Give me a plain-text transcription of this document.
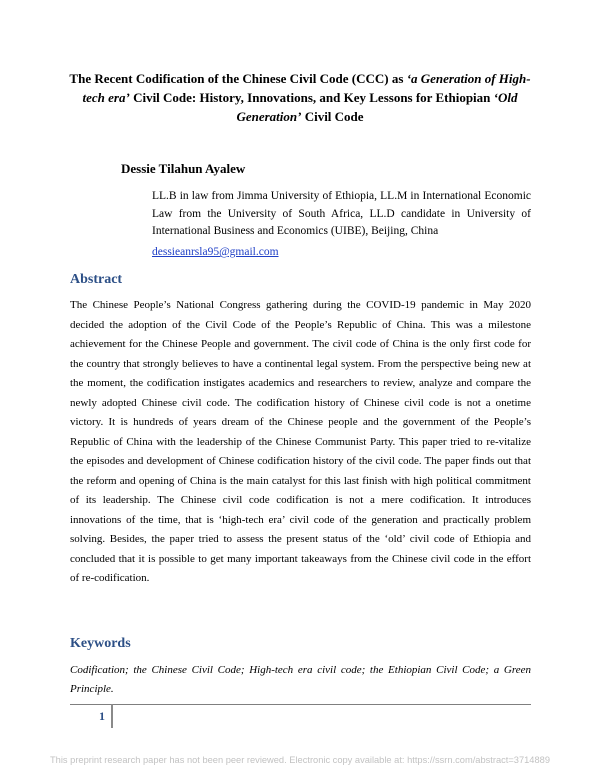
The Recent Codification of the Chinese Civil Code (CCC) as ‘a Generation of High-tech era’ Civil Code: History, Innovations, and Key Lessons for Ethiopian ‘Old Generation’ Civil Code
Dessie Tilahun Ayalew
LL.B in law from Jimma University of Ethiopia, LL.M in International Economic Law from the University of South Africa, LL.D candidate in University of International Business and Economics (UIBE), Beijing, China
dessieanrsla95@gmail.com
Abstract
The Chinese People’s National Congress gathering during the COVID-19 pandemic in May 2020 decided the adoption of the Civil Code of the People’s Republic of China. This was a milestone achievement for the Chinese People and government. The civil code of China is the only first code for the country that strongly believes to have a continental legal system. From the perspective being new at the moment, the codification instigates academics and researchers to review, analyze and compare the newly adopted Chinese civil code. The codification history of Chinese civil code is not a onetime victory. It is hundreds of years dream of the Chinese people and the government of the People’s Republic of China with the leadership of the Chinese Communist Party. This paper tried to re-vitalize the episodes and development of Chinese codification history of the civil code. The paper finds out that the reform and opening of China is the main catalyst for this last finish with high political commitment of its leadership. The Chinese civil code codification is not a mere codification. It introduces innovations of the time, that is ‘high-tech era’ civil code of the generation and practically problem solving. Besides, the paper tried to assess the present status of the ‘old’ civil code of Ethiopia and concluded that it is possible to get many important takeaways from the Chinese civil code in the effort of re-codification.
Keywords
Codification; the Chinese Civil Code; High-tech era civil code; the Ethiopian Civil Code; a Green Principle.
1
This preprint research paper has not been peer reviewed. Electronic copy available at: https://ssrn.com/abstract=3714889
